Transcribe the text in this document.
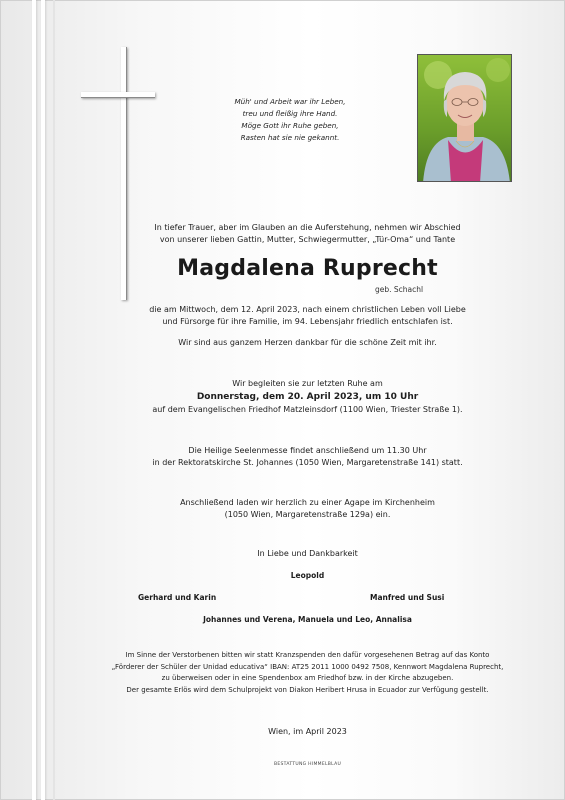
Müh' und Arbeit war ihr Leben,
treu und fleißig ihre Hand.
Möge Gott ihr Ruhe geben,
Rasten hat sie nie gekannt.
In tiefer Trauer, aber im Glauben an die Auferstehung, nehmen wir Abschied
von unserer lieben Gattin, Mutter, Schwiegermutter, „Tür-Oma“ und Tante
Magdalena Ruprecht
geb. Schachl
die am Mittwoch, dem 12. April 2023, nach einem christlichen Leben voll Liebe
und Fürsorge für ihre Familie, im 94. Lebensjahr friedlich entschlafen ist.
Wir sind aus ganzem Herzen dankbar für die schöne Zeit mit ihr.
Wir begleiten sie zur letzten Ruhe am
Donnerstag, dem 20. April 2023, um 10 Uhr
auf dem Evangelischen Friedhof Matzleinsdorf (1100 Wien, Triester Straße 1).
Die Heilige Seelenmesse findet anschließend um 11.30 Uhr
in der Rektoratskirche St. Johannes (1050 Wien, Margaretenstraße 141) statt.
Anschließend laden wir herzlich zu einer Agape im Kirchenheim
(1050 Wien, Margaretenstraße 129a) ein.
In Liebe und Dankbarkeit
Leopold
Gerhard und Karin	Manfred und Susi
Johannes und Verena, Manuela und Leo, Annalisa
Im Sinne der Verstorbenen bitten wir statt Kranzspenden den dafür vorgesehenen Betrag auf das Konto
„Förderer der Schüler der Unidad educativa“ IBAN: AT25 2011 1000 0492 7508, Kennwort Magdalena Ruprecht,
zu überweisen oder in eine Spendenbox am Friedhof bzw. in der Kirche abzugeben.
Der gesamte Erlös wird dem Schulprojekt von Diakon Heribert Hrusa in Ecuador zur Verfügung gestellt.
Wien, im April 2023
BESTATTUNG HIMMELBLAU
